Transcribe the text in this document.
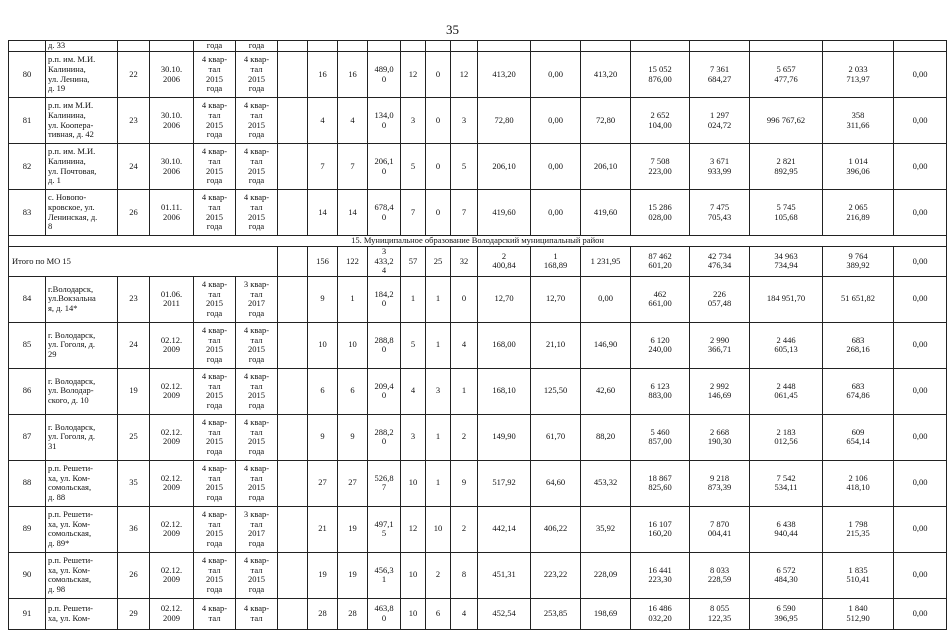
35
	д. 33			года	года															
80	р.п. им. М.И.
Калинина,
ул. Ленина,
д. 19	22	30.10.
2006	4 квар-
тал
2015
года	4 квар-
тал
2015
года		16	16	489,0
0	12	0	12	413,20	0,00	413,20	15 052
876,00	7 361
684,27	5 657
477,76	2 033
713,97	0,00
81	р.п. им М.И.
Калинина,
ул. Коопера-
тивная, д. 42	23	30.10.
2006	4 квар-
тал
2015
года	4 квар-
тал
2015
года		4	4	134,0
0	3	0	3	72,80	0,00	72,80	2 652
104,00	1 297
024,72	996 767,62	358
311,66	0,00
82	р.п. им. М.И.
Калинина,
ул. Почтовая,
д. 1	24	30.10.
2006	4 квар-
тал
2015
года	4 квар-
тал
2015
года		7	7	206,1
0	5	0	5	206,10	0,00	206,10	7 508
223,00	3 671
933,99	2 821
892,95	1 014
396,06	0,00
83	с. Новопо-
кровское, ул.
Ленинская, д.
8	26	01.11.
2006	4 квар-
тал
2015
года	4 квар-
тал
2015
года		14	14	678,4
0	7	0	7	419,60	0,00	419,60	15 286
028,00	7 475
705,43	5 745
105,68	2 065
216,89	0,00
15. Муниципальное образование Володарский муниципальный район																				
Итого по МО 15							156	122	3
433,2
4	57	25	32	2
400,84	1
168,89	1 231,95	87 462
601,20	42 734
476,34	34 963
734,94	9 764
389,92	0,00
84	г.Володарск,
ул.Вокзальна
я, д. 14*	23	01.06.
2011	4 квар-
тал
2015
года	3 квар-
тал
2017
года		9	1	184,2
0	1	1	0	12,70	12,70	0,00	462
661,00	226
057,48	184 951,70	51 651,82	0,00
85	г. Володарск,
ул. Гоголя, д.
29	24	02.12.
2009	4 квар-
тал
2015
года	4 квар-
тал
2015
года		10	10	288,8
0	5	1	4	168,00	21,10	146,90	6 120
240,00	2 990
366,71	2 446
605,13	683
268,16	0,00
86	г. Володарск,
ул. Володар-
ского, д. 10	19	02.12.
2009	4 квар-
тал
2015
года	4 квар-
тал
2015
года		6	6	209,4
0	4	3	1	168,10	125,50	42,60	6 123
883,00	2 992
146,69	2 448
061,45	683
674,86	0,00
87	г. Володарск,
ул. Гоголя, д.
31	25	02.12.
2009	4 квар-
тал
2015
года	4 квар-
тал
2015
года		9	9	288,2
0	3	1	2	149,90	61,70	88,20	5 460
857,00	2 668
190,30	2 183
012,56	609
654,14	0,00
88	р.п. Решети-
ха, ул. Ком-
сомольская,
д. 88	35	02.12.
2009	4 квар-
тал
2015
года	4 квар-
тал
2015
года		27	27	526,8
7	10	1	9	517,92	64,60	453,32	18 867
825,60	9 218
873,39	7 542
534,11	2 106
418,10	0,00
89	р.п. Решети-
ха, ул. Ком-
сомольская,
д. 89*	36	02.12.
2009	4 квар-
тал
2015
года	3 квар-
тал
2017
года		21	19	497,1
5	12	10	2	442,14	406,22	35,92	16 107
160,20	7 870
004,41	6 438
940,44	1 798
215,35	0,00
90	р.п. Решети-
ха, ул. Ком-
сомольская,
д. 98	26	02.12.
2009	4 квар-
тал
2015
года	4 квар-
тал
2015
года		19	19	456,3
1	10	2	8	451,31	223,22	228,09	16 441
223,30	8 033
228,59	6 572
484,30	1 835
510,41	0,00
91	р.п. Решети-
ха, ул. Ком-	29	02.12.
2009	4 квар-
тал	4 квар-
тал		28	28	463,8
0	10	6	4	452,54	253,85	198,69	16 486
032,20	8 055
122,35	6 590
396,95	1 840
512,90	0,00
